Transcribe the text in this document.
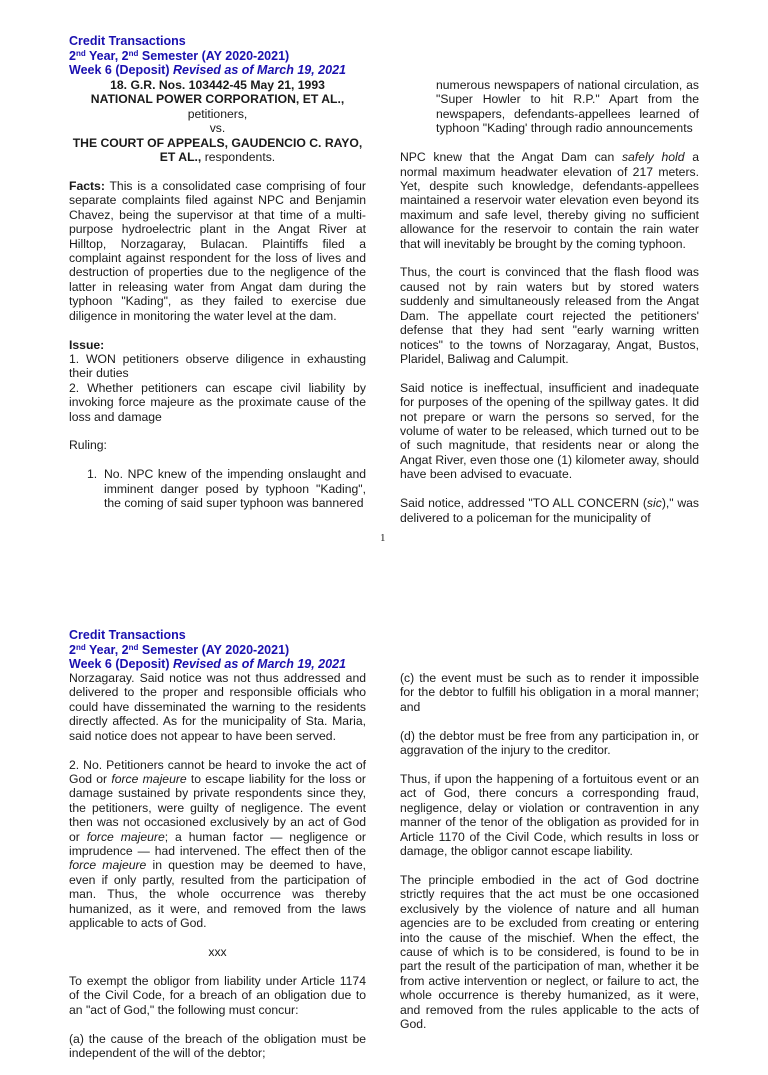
Credit Transactions
2nd Year, 2nd Semester (AY 2020-2021)
Week 6 (Deposit) Revised as of March 19, 2021

18. G.R. Nos. 103442-45 May 21, 1993

NATIONAL POWER CORPORATION, ET AL.,

petitioners,

vs.

THE COURT OF APPEALS, GAUDENCIO C. RAYO, ET AL., respondents.

Facts: This is a consolidated case comprising of four separate complaints filed against NPC and Benjamin Chavez, being the supervisor at that time of a multi-purpose hydroelectric plant in the Angat River at Hilltop, Norzagaray, Bulacan. Plaintiffs filed a complaint against respondent for the loss of lives and destruction of properties due to the negligence of the latter in releasing water from Angat dam during the typhoon "Kading", as they failed to exercise due diligence in monitoring the water level at the dam.

Issue:

1. WON petitioners observe diligence in exhausting their duties

2. Whether petitioners can escape civil liability by invoking force majeure as the proximate cause of the loss and damage

Ruling:

1. No. NPC knew of the impending onslaught and imminent danger posed by typhoon "Kading", the coming of said super typhoon was bannered

numerous newspapers of national circulation, as "Super Howler to hit R.P." Apart from the newspapers, defendants-appellees learned of typhoon "Kading' through radio announcements

NPC knew that the Angat Dam can safely hold a normal maximum headwater elevation of 217 meters. Yet, despite such knowledge, defendants-appellees maintained a reservoir water elevation even beyond its maximum and safe level, thereby giving no sufficient allowance for the reservoir to contain the rain water that will inevitably be brought by the coming typhoon.

Thus, the court is convinced that the flash flood was caused not by rain waters but by stored waters suddenly and simultaneously released from the Angat Dam. The appellate court rejected the petitioners' defense that they had sent "early warning written notices" to the towns of Norzagaray, Angat, Bustos, Plaridel, Baliwag and Calumpit.

Said notice is ineffectual, insufficient and inadequate for purposes of the opening of the spillway gates. It did not prepare or warn the persons so served, for the volume of water to be released, which turned out to be of such magnitude, that residents near or along the Angat River, even those one (1) kilometer away, should have been advised to evacuate.

Said notice, addressed "TO ALL CONCERN (sic)," was delivered to a policeman for the municipality of

1
Credit Transactions
2nd Year, 2nd Semester (AY 2020-2021)
Week 6 (Deposit) Revised as of March 19, 2021

Norzagaray. Said notice was not thus addressed and delivered to the proper and responsible officials who could have disseminated the warning to the residents directly affected. As for the municipality of Sta. Maria, said notice does not appear to have been served.

2. No. Petitioners cannot be heard to invoke the act of God or force majeure to escape liability for the loss or damage sustained by private respondents since they, the petitioners, were guilty of negligence. The event then was not occasioned exclusively by an act of God or force majeure; a human factor — negligence or imprudence — had intervened. The effect then of the force majeure in question may be deemed to have, even if only partly, resulted from the participation of man. Thus, the whole occurrence was thereby humanized, as it were, and removed from the laws applicable to acts of God.

xxx

To exempt the obligor from liability under Article 1174 of the Civil Code, for a breach of an obligation due to an "act of God," the following must concur:

(a) the cause of the breach of the obligation must be independent of the will of the debtor;

(c) the event must be such as to render it impossible for the debtor to fulfill his obligation in a moral manner; and

(d) the debtor must be free from any participation in, or aggravation of the injury to the creditor.

Thus, if upon the happening of a fortuitous event or an act of God, there concurs a corresponding fraud, negligence, delay or violation or contravention in any manner of the tenor of the obligation as provided for in Article 1170 of the Civil Code, which results in loss or damage, the obligor cannot escape liability.

The principle embodied in the act of God doctrine strictly requires that the act must be one occasioned exclusively by the violence of nature and all human agencies are to be excluded from creating or entering into the cause of the mischief. When the effect, the cause of which is to be considered, is found to be in part the result of the participation of man, whether it be from active intervention or neglect, or failure to act, the whole occurrence is thereby humanized, as it were, and removed from the rules applicable to the acts of God.
